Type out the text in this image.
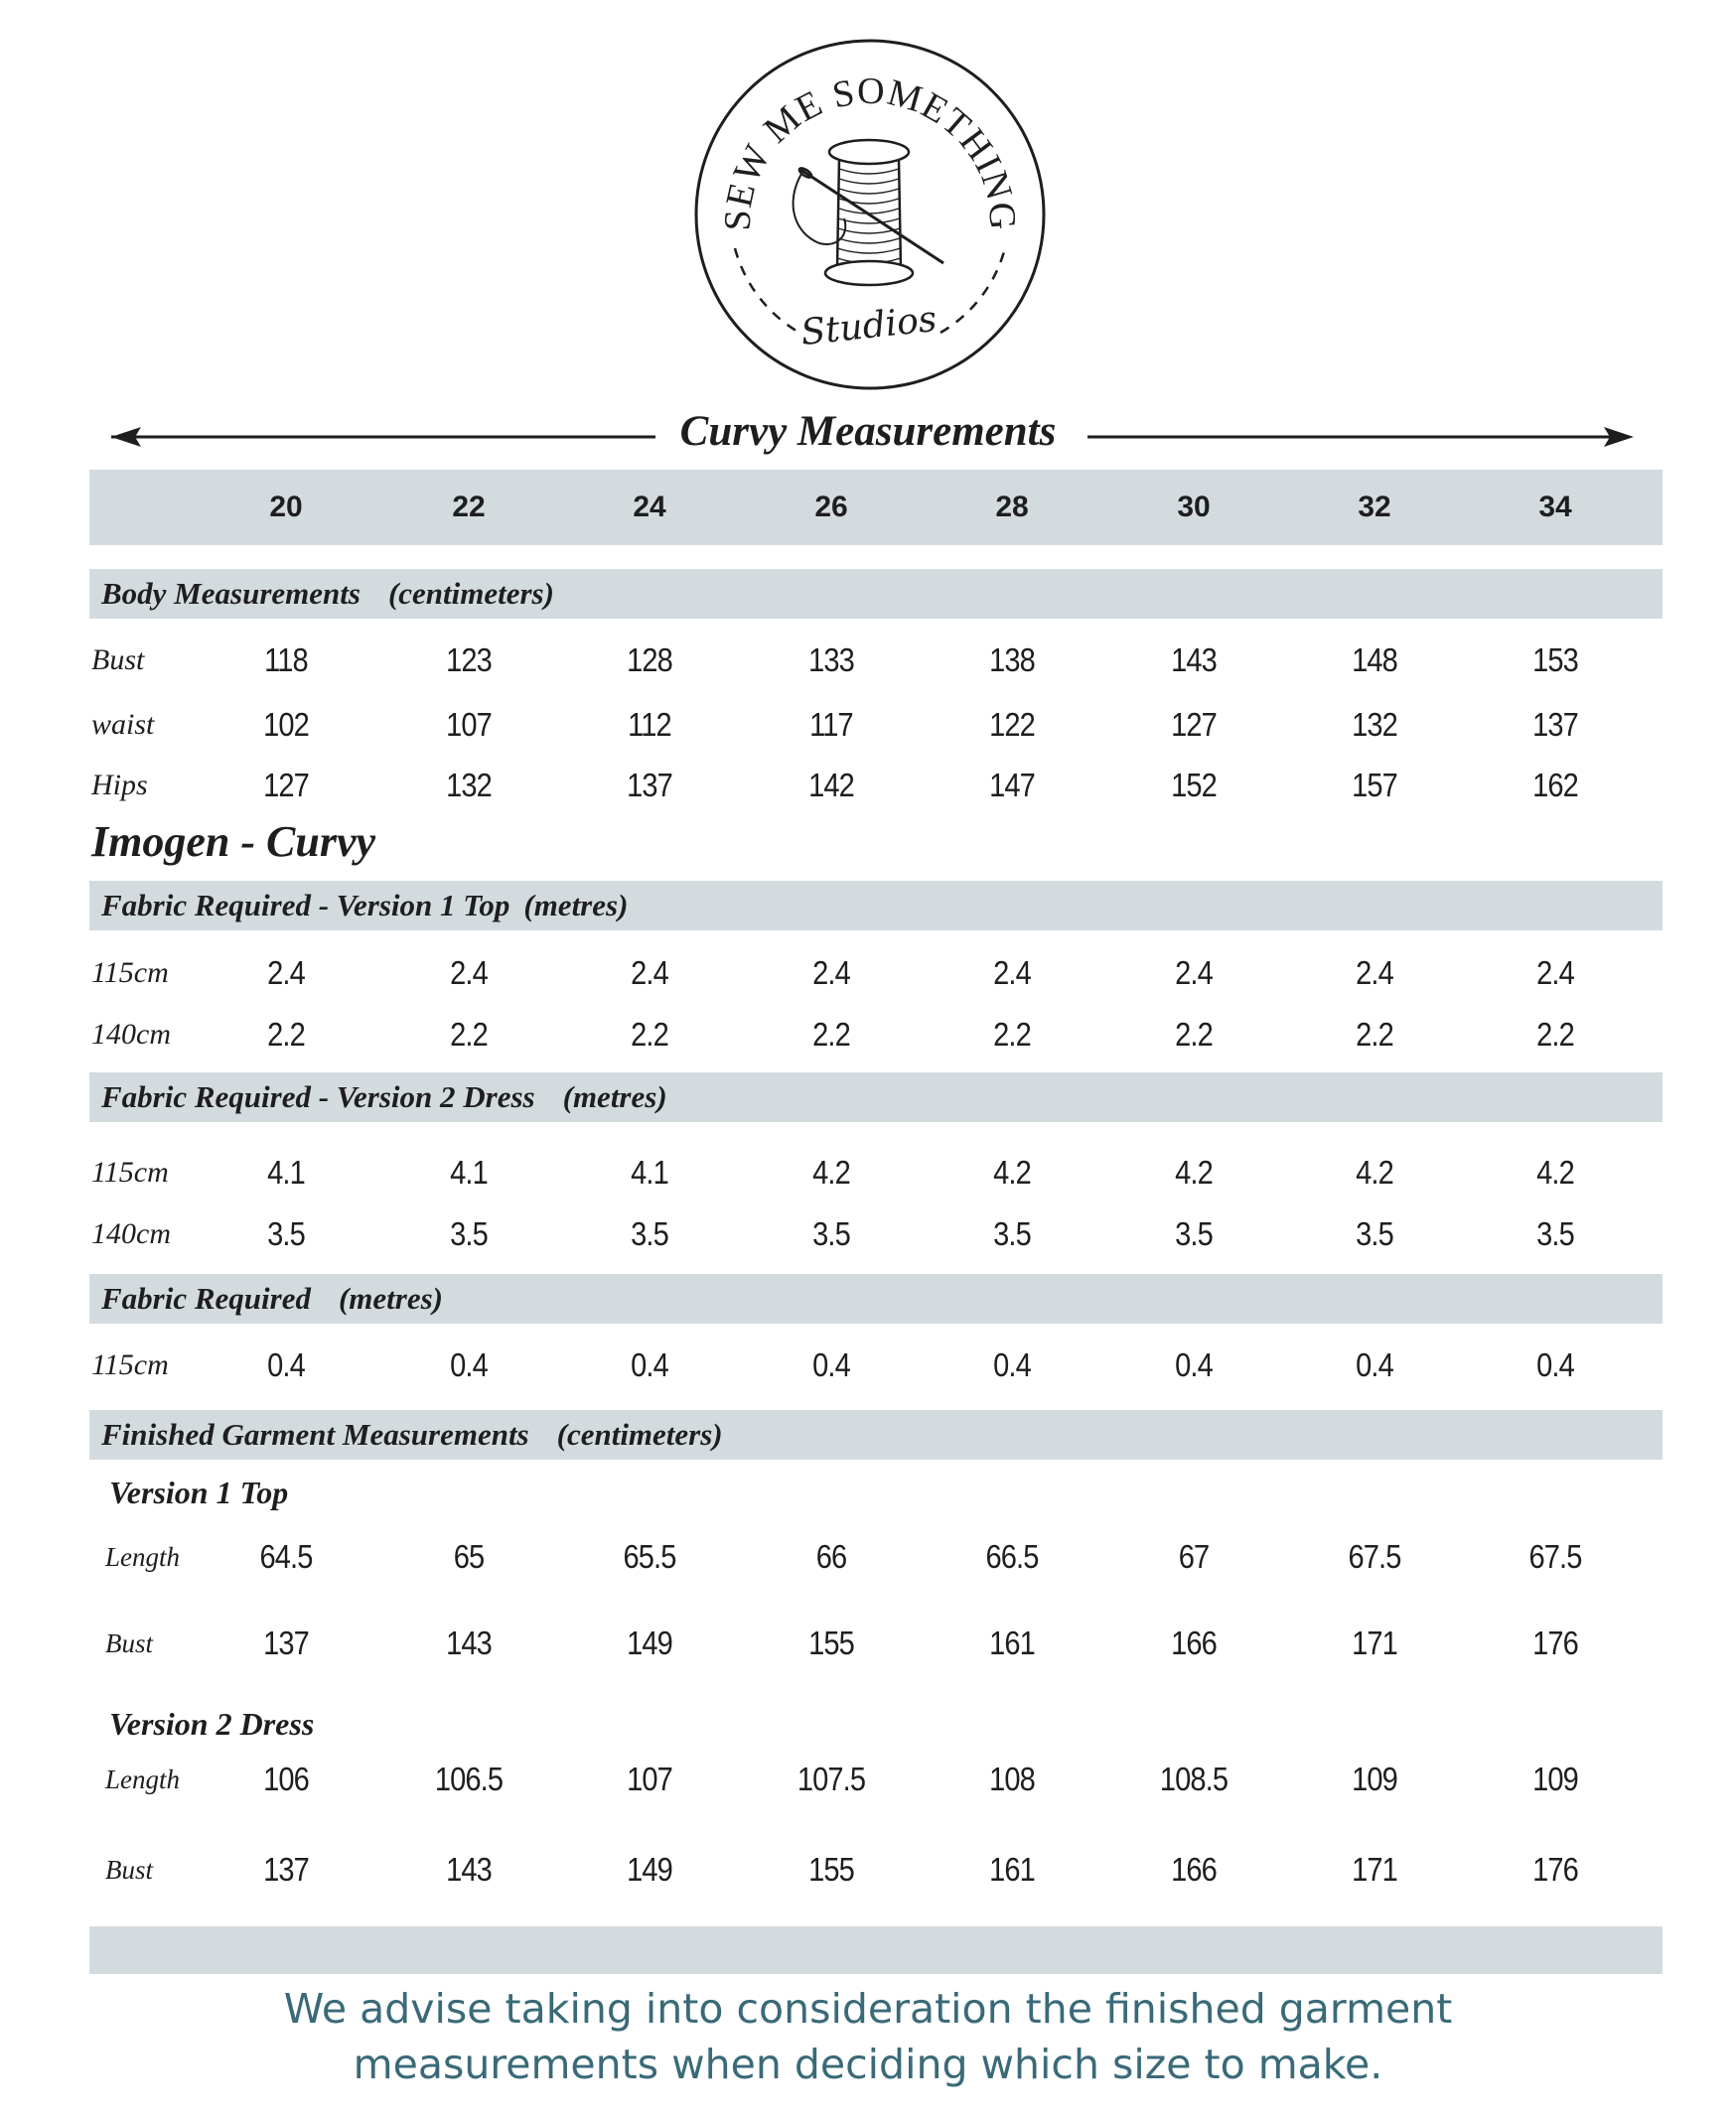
SEW ME SOMETHING
Studios
Curvy Measurements
20	22	24	26	28	30	32	34
Body Measurements (centimeters)
Bust	118	123	128	133	138	143	148	153
waist	102	107	112	117	122	127	132	137
Hips	127	132	137	142	147	152	157	162
Imogen - Curvy
Fabric Required - Version 1 Top (metres)
115cm	2.4	2.4	2.4	2.4	2.4	2.4	2.4	2.4
140cm	2.2	2.2	2.2	2.2	2.2	2.2	2.2	2.2
Fabric Required - Version 2 Dress (metres)
115cm	4.1	4.1	4.1	4.2	4.2	4.2	4.2	4.2
140cm	3.5	3.5	3.5	3.5	3.5	3.5	3.5	3.5
Fabric Required (metres)
115cm	0.4	0.4	0.4	0.4	0.4	0.4	0.4	0.4
Finished Garment Measurements (centimeters)
Version 1 Top
Length	64.5	65	65.5	66	66.5	67	67.5	67.5
Bust	137	143	149	155	161	166	171	176
Version 2 Dress
Length	106	106.5	107	107.5	108	108.5	109	109
Bust	137	143	149	155	161	166	171	176
We advise taking into consideration the finished garment
measurements when deciding which size to make.
